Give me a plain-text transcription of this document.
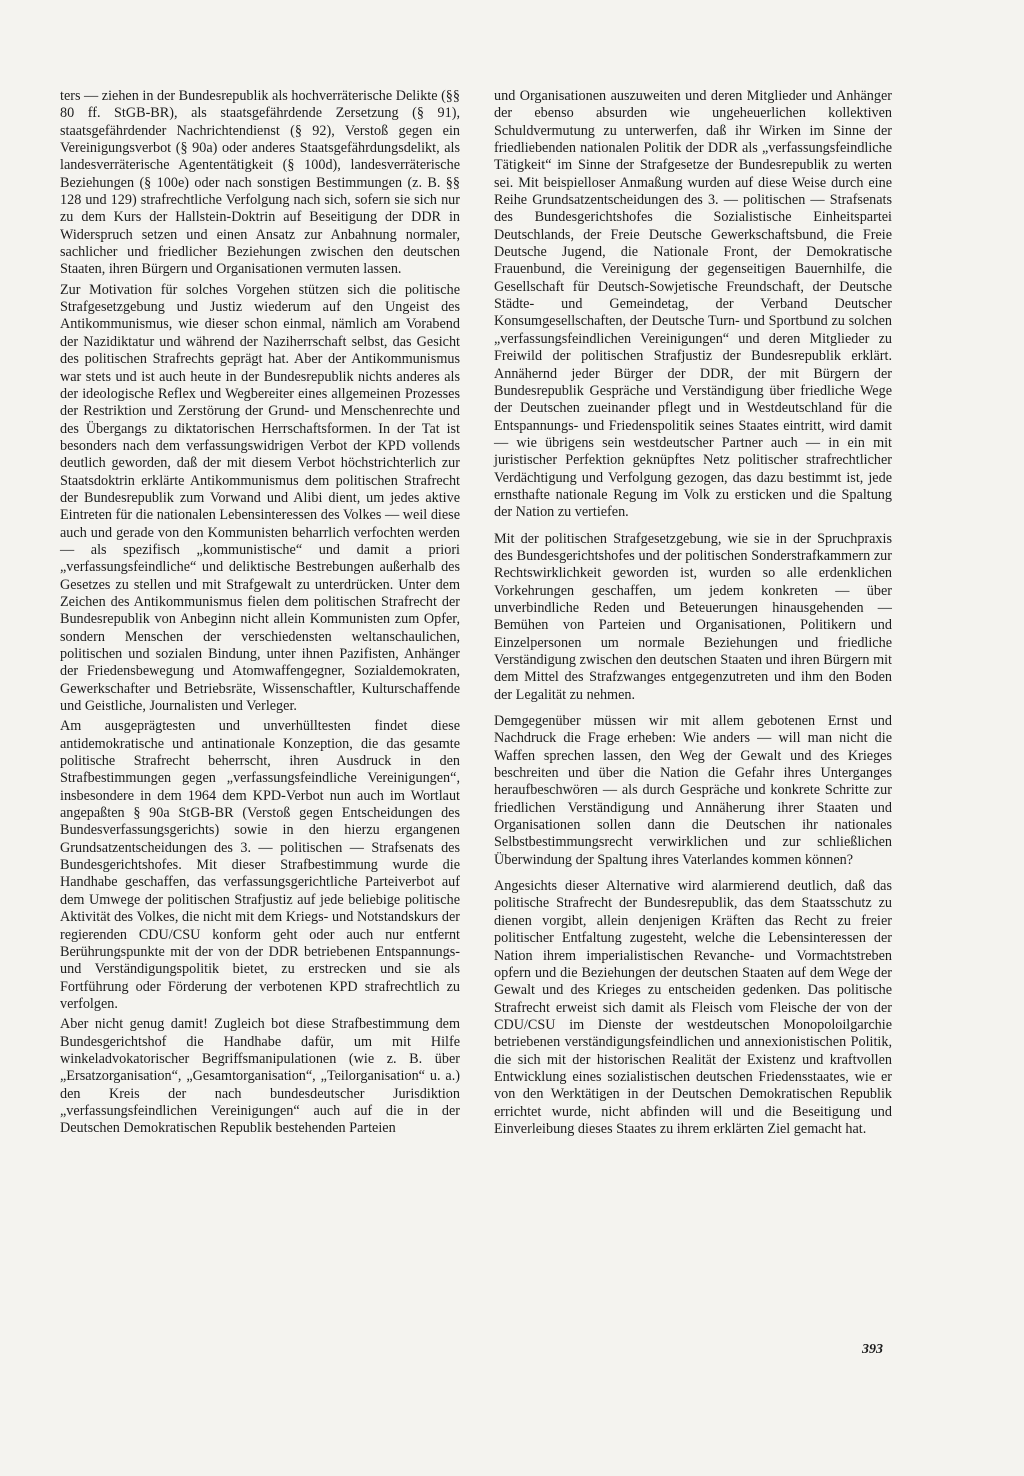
ters — ziehen in der Bundesrepublik als hochverräterische Delikte (§§ 80 ff. StGB-BR), als staatsgefährdende Zersetzung (§ 91), staatsgefährdender Nachrichtendienst (§ 92), Verstoß gegen ein Vereinigungsverbot (§ 90a) oder anderes Staatsgefährdungsdelikt, als landesverräterische Agententätigkeit (§ 100d), landesverräterische Beziehungen (§ 100e) oder nach sonstigen Bestimmungen (z. B. §§ 128 und 129) strafrechtliche Verfolgung nach sich, sofern sie sich nur zu dem Kurs der Hallstein-Doktrin auf Beseitigung der DDR in Widerspruch setzen und einen Ansatz zur Anbahnung normaler, sachlicher und friedlicher Beziehungen zwischen den deutschen Staaten, ihren Bürgern und Organisationen vermuten lassen.

Zur Motivation für solches Vorgehen stützen sich die politische Strafgesetzgebung und Justiz wiederum auf den Ungeist des Antikommunismus, wie dieser schon einmal, nämlich am Vorabend der Nazidiktatur und während der Naziherrschaft selbst, das Gesicht des politischen Strafrechts geprägt hat. Aber der Antikommunismus war stets und ist auch heute in der Bundesrepublik nichts anderes als der ideologische Reflex und Wegbereiter eines allgemeinen Prozesses der Restriktion und Zerstörung der Grund- und Menschenrechte und des Übergangs zu diktatorischen Herrschaftsformen. In der Tat ist besonders nach dem verfassungswidrigen Verbot der KPD vollends deutlich geworden, daß der mit diesem Verbot höchstrichterlich zur Staatsdoktrin erklärte Antikommunismus dem politischen Strafrecht der Bundesrepublik zum Vorwand und Alibi dient, um jedes aktive Eintreten für die nationalen Lebensinteressen des Volkes — weil diese auch und gerade von den Kommunisten beharrlich verfochten werden — als spezifisch „kommunistische“ und damit a priori „verfassungsfeindliche“ und deliktische Bestrebungen außerhalb des Gesetzes zu stellen und mit Strafgewalt zu unterdrücken. Unter dem Zeichen des Antikommunismus fielen dem politischen Strafrecht der Bundesrepublik von Anbeginn nicht allein Kommunisten zum Opfer, sondern Menschen der verschiedensten weltanschaulichen, politischen und sozialen Bindung, unter ihnen Pazifisten, Anhänger der Friedensbewegung und Atomwaffengegner, Sozialdemokraten, Gewerkschafter und Betriebsräte, Wissenschaftler, Kulturschaffende und Geistliche, Journalisten und Verleger.

Am ausgeprägtesten und unverhülltesten findet diese antidemokratische und antinationale Konzeption, die das gesamte politische Strafrecht beherrscht, ihren Ausdruck in den Strafbestimmungen gegen „verfassungsfeindliche Vereinigungen“, insbesondere in dem 1964 dem KPD-Verbot nun auch im Wortlaut angepaßten § 90a StGB-BR (Verstoß gegen Entscheidungen des Bundesverfassungsgerichts) sowie in den hierzu ergangenen Grundsatzentscheidungen des 3. — politischen — Strafsenats des Bundesgerichtshofes. Mit dieser Strafbestimmung wurde die Handhabe geschaffen, das verfassungsgerichtliche Parteiverbot auf dem Umwege der politischen Strafjustiz auf jede beliebige politische Aktivität des Volkes, die nicht mit dem Kriegs- und Notstandskurs der regierenden CDU/CSU konform geht oder auch nur entfernt Berührungspunkte mit der von der DDR betriebenen Entspannungs- und Verständigungspolitik bietet, zu erstrecken und sie als Fortführung oder Förderung der verbotenen KPD strafrechtlich zu verfolgen.

Aber nicht genug damit! Zugleich bot diese Strafbestimmung dem Bundesgerichtshof die Handhabe dafür, um mit Hilfe winkeladvokatorischer Begriffsmanipulationen (wie z. B. über „Ersatzorganisation“, „Gesamtorganisation“, „Teilorganisation“ u. a.) den Kreis der nach bundesdeutscher Jurisdiktion „verfassungsfeindlichen Vereinigungen“ auch auf die in der Deutschen Demokratischen Republik bestehenden Parteien

und Organisationen auszuweiten und deren Mitglieder und Anhänger der ebenso absurden wie ungeheuerlichen kollektiven Schuldvermutung zu unterwerfen, daß ihr Wirken im Sinne der friedliebenden nationalen Politik der DDR als „verfassungsfeindliche Tätigkeit“ im Sinne der Strafgesetze der Bundesrepublik zu werten sei. Mit beispielloser Anmaßung wurden auf diese Weise durch eine Reihe Grundsatzentscheidungen des 3. — politischen — Strafsenats des Bundesgerichtshofes die Sozialistische Einheitspartei Deutschlands, der Freie Deutsche Gewerkschaftsbund, die Freie Deutsche Jugend, die Nationale Front, der Demokratische Frauenbund, die Vereinigung der gegenseitigen Bauernhilfe, die Gesellschaft für Deutsch-Sowjetische Freundschaft, der Deutsche Städte- und Gemeindetag, der Verband Deutscher Konsumgesellschaften, der Deutsche Turn- und Sportbund zu solchen „verfassungsfeindlichen Vereinigungen“ und deren Mitglieder zu Freiwild der politischen Strafjustiz der Bundesrepublik erklärt. Annähernd jeder Bürger der DDR, der mit Bürgern der Bundesrepublik Gespräche und Verständigung über friedliche Wege der Deutschen zueinander pflegt und in Westdeutschland für die Entspannungs- und Friedenspolitik seines Staates eintritt, wird damit — wie übrigens sein westdeutscher Partner auch — in ein mit juristischer Perfektion geknüpftes Netz politischer strafrechtlicher Verdächtigung und Verfolgung gezogen, das dazu bestimmt ist, jede ernsthafte nationale Regung im Volk zu ersticken und die Spaltung der Nation zu vertiefen.

Mit der politischen Strafgesetzgebung, wie sie in der Spruchpraxis des Bundesgerichtshofes und der politischen Sonderstrafkammern zur Rechtswirklichkeit geworden ist, wurden so alle erdenklichen Vorkehrungen geschaffen, um jedem konkreten — über unverbindliche Reden und Beteuerungen hinausgehenden — Bemühen von Parteien und Organisationen, Politikern und Einzelpersonen um normale Beziehungen und friedliche Verständigung zwischen den deutschen Staaten und ihren Bürgern mit dem Mittel des Strafzwanges entgegenzutreten und ihm den Boden der Legalität zu nehmen.

Demgegenüber müssen wir mit allem gebotenen Ernst und Nachdruck die Frage erheben: Wie anders — will man nicht die Waffen sprechen lassen, den Weg der Gewalt und des Krieges beschreiten und über die Nation die Gefahr ihres Unterganges heraufbeschwören — als durch Gespräche und konkrete Schritte zur friedlichen Verständigung und Annäherung ihrer Staaten und Organisationen sollen dann die Deutschen ihr nationales Selbstbestimmungsrecht verwirklichen und zur schließlichen Überwindung der Spaltung ihres Vaterlandes kommen können?

Angesichts dieser Alternative wird alarmierend deutlich, daß das politische Strafrecht der Bundesrepublik, das dem Staatsschutz zu dienen vorgibt, allein denjenigen Kräften das Recht zu freier politischer Entfaltung zugesteht, welche die Lebensinteressen der Nation ihrem imperialistischen Revanche- und Vormachtstreben opfern und die Beziehungen der deutschen Staaten auf dem Wege der Gewalt und des Krieges zu entscheiden gedenken. Das politische Strafrecht erweist sich damit als Fleisch vom Fleische der von der CDU/CSU im Dienste der westdeutschen Monopoloilgarchie betriebenen verständigungsfeindlichen und annexionistischen Politik, die sich mit der historischen Realität der Existenz und kraftvollen Entwicklung eines sozialistischen deutschen Friedensstaates, wie er von den Werktätigen in der Deutschen Demokratischen Republik errichtet wurde, nicht abfinden will und die Beseitigung und Einverleibung dieses Staates zu ihrem erklärten Ziel gemacht hat.

393
